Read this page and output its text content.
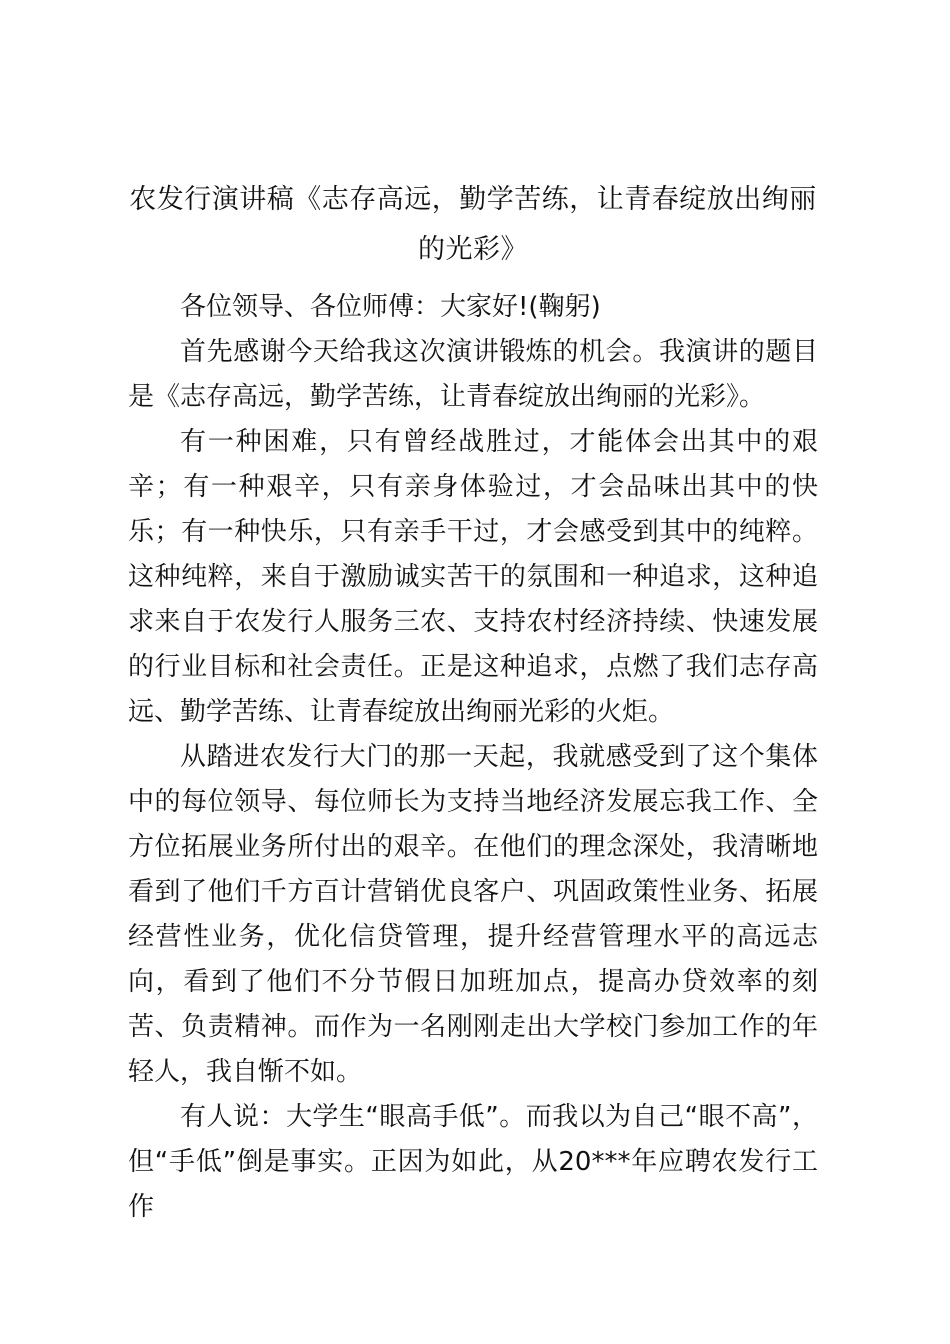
农发行演讲稿《志存高远，勤学苦练，让青春绽放出绚丽的光彩》

各位领导、各位师傅：大家好!(鞠躬)

首先感谢今天给我这次演讲锻炼的机会。我演讲的题目是《志存高远，勤学苦练，让青春绽放出绚丽的光彩》。

有一种困难，只有曾经战胜过，才能体会出其中的艰辛；有一种艰辛，只有亲身体验过，才会品味出其中的快乐；有一种快乐，只有亲手干过，才会感受到其中的纯粹。这种纯粹，来自于激励诚实苦干的氛围和一种追求，这种追求来自于农发行人服务三农、支持农村经济持续、快速发展的行业目标和社会责任。正是这种追求，点燃了我们志存高远、勤学苦练、让青春绽放出绚丽光彩的火炬。

从踏进农发行大门的那一天起，我就感受到了这个集体中的每位领导、每位师长为支持当地经济发展忘我工作、全方位拓展业务所付出的艰辛。在他们的理念深处，我清晰地看到了他们千方百计营销优良客户、巩固政策性业务、拓展经营性业务，优化信贷管理，提升经营管理水平的高远志向，看到了他们不分节假日加班加点，提高办贷效率的刻苦、负责精神。而作为一名刚刚走出大学校门参加工作的年轻人，我自惭不如。

有人说：大学生“眼高手低”。而我以为自己“眼不高”，但“手低”倒是事实。正因为如此，从20***年应聘农发行工作
